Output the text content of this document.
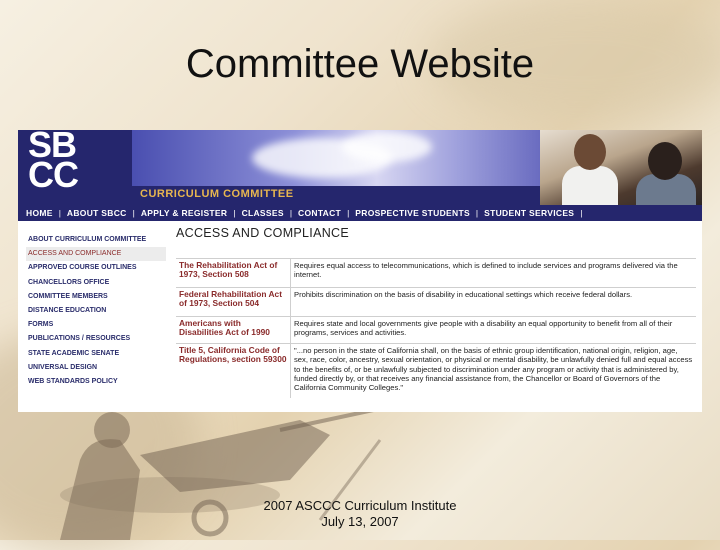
Committee Website
SB
CC	CURRICULUM COMMITTEE
HOME | ABOUT SBCC | APPLY & REGISTER | CLASSES | CONTACT | PROSPECTIVE STUDENTS | STUDENT SERVICES |
ABOUT CURRICULUM COMMITTEE
ACCESS AND COMPLIANCE
APPROVED COURSE OUTLINES
CHANCELLORS OFFICE
COMMITTEE MEMBERS
DISTANCE EDUCATION
FORMS
PUBLICATIONS / RESOURCES
STATE ACADEMIC SENATE
UNIVERSAL DESIGN
WEB STANDARDS POLICY
ACCESS AND COMPLIANCE
The Rehabilitation Act of 1973, Section 508	Requires equal access to telecommunications, which is defined to include services and programs delivered via the internet.
Federal Rehabilitation Act of 1973, Section 504	Prohibits discrimination on the basis of disability in educational settings which receive federal dollars.
Americans with Disabilities Act of 1990	Requires state and local governments give people with a disability an equal opportunity to benefit from all of their programs, services and activities.
Title 5, California Code of Regulations, section 59300	"...no person in the state of California shall, on the basis of ethnic group identification, national origin, religion, age, sex, race, color, ancestry, sexual orientation, or physical or mental disability, be unlawfully denied full and equal access to the benefits of, or be unlawfully subjected to discrimination under any program or activity that is administered by, funded directly by, or that receives any financial assistance from, the Chancellor or Board of Governors of the California Community Colleges."
2007 ASCCC Curriculum Institute
July 13, 2007
